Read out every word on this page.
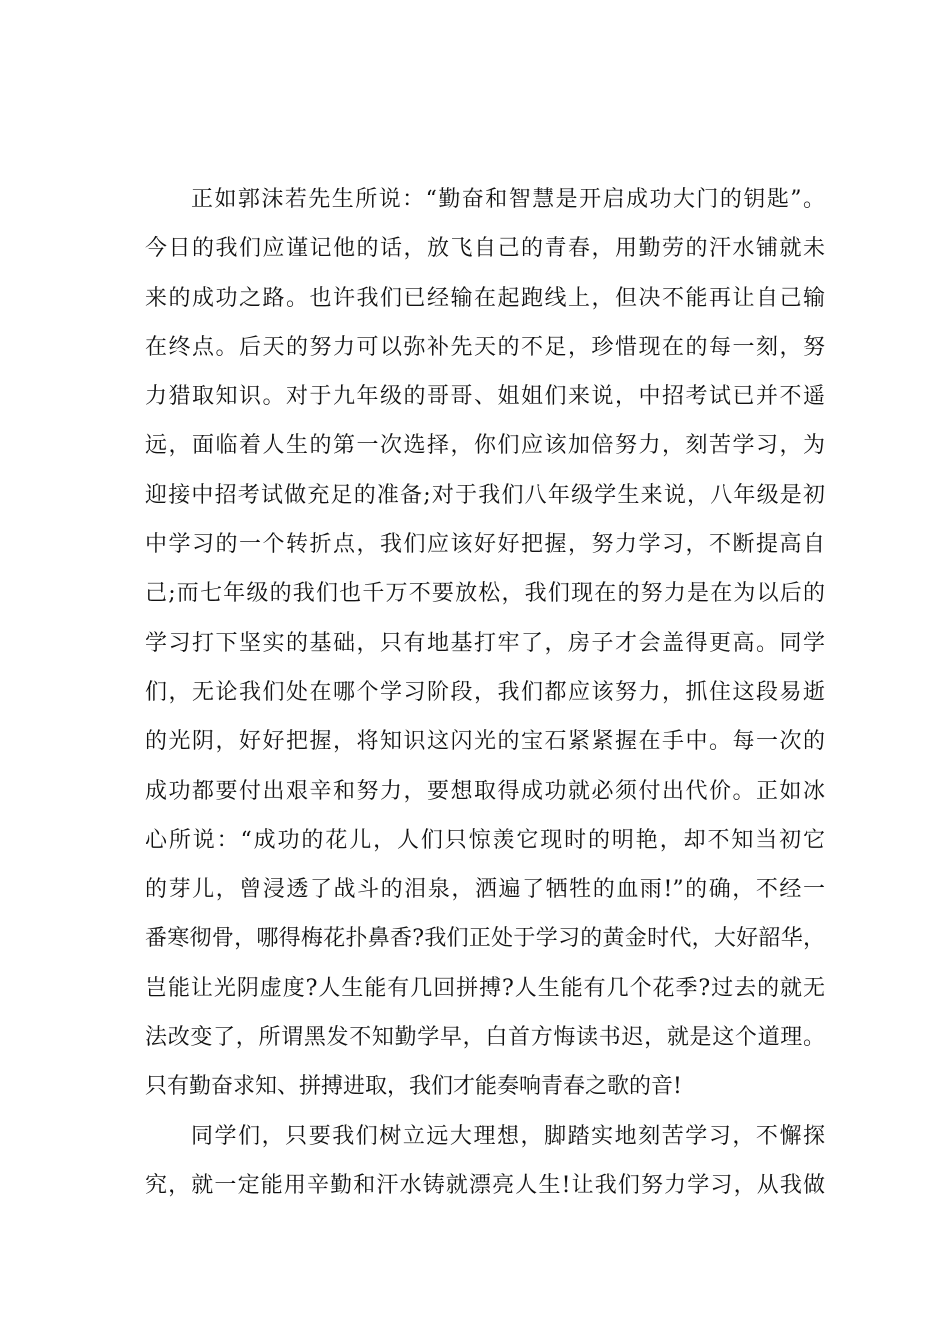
正如郭沫若先生所说：“勤奋和智慧是开启成功大门的钥匙”。
今日的我们应谨记他的话，放飞自己的青春，用勤劳的汗水铺就未
来的成功之路。也许我们已经输在起跑线上，但决不能再让自己输
在终点。后天的努力可以弥补先天的不足，珍惜现在的每一刻，努
力猎取知识。对于九年级的哥哥、姐姐们来说，中招考试已并不遥
远，面临着人生的第一次选择，你们应该加倍努力，刻苦学习，为
迎接中招考试做充足的准备;对于我们八年级学生来说，八年级是初
中学习的一个转折点，我们应该好好把握，努力学习，不断提高自
己;而七年级的我们也千万不要放松，我们现在的努力是在为以后的
学习打下坚实的基础，只有地基打牢了，房子才会盖得更高。同学
们，无论我们处在哪个学习阶段，我们都应该努力，抓住这段易逝
的光阴，好好把握，将知识这闪光的宝石紧紧握在手中。每一次的
成功都要付出艰辛和努力，要想取得成功就必须付出代价。正如冰
心所说：“成功的花儿，人们只惊羡它现时的明艳，却不知当初它
的芽儿，曾浸透了战斗的泪泉，洒遍了牺牲的血雨!”的确，不经一
番寒彻骨，哪得梅花扑鼻香?我们正处于学习的黄金时代，大好韶华，
岂能让光阴虚度?人生能有几回拼搏?人生能有几个花季?过去的就无
法改变了，所谓黑发不知勤学早，白首方悔读书迟，就是这个道理。
只有勤奋求知、拼搏进取，我们才能奏响青春之歌的音!
同学们，只要我们树立远大理想，脚踏实地刻苦学习，不懈探
究，就一定能用辛勤和汗水铸就漂亮人生!让我们努力学习，从我做
